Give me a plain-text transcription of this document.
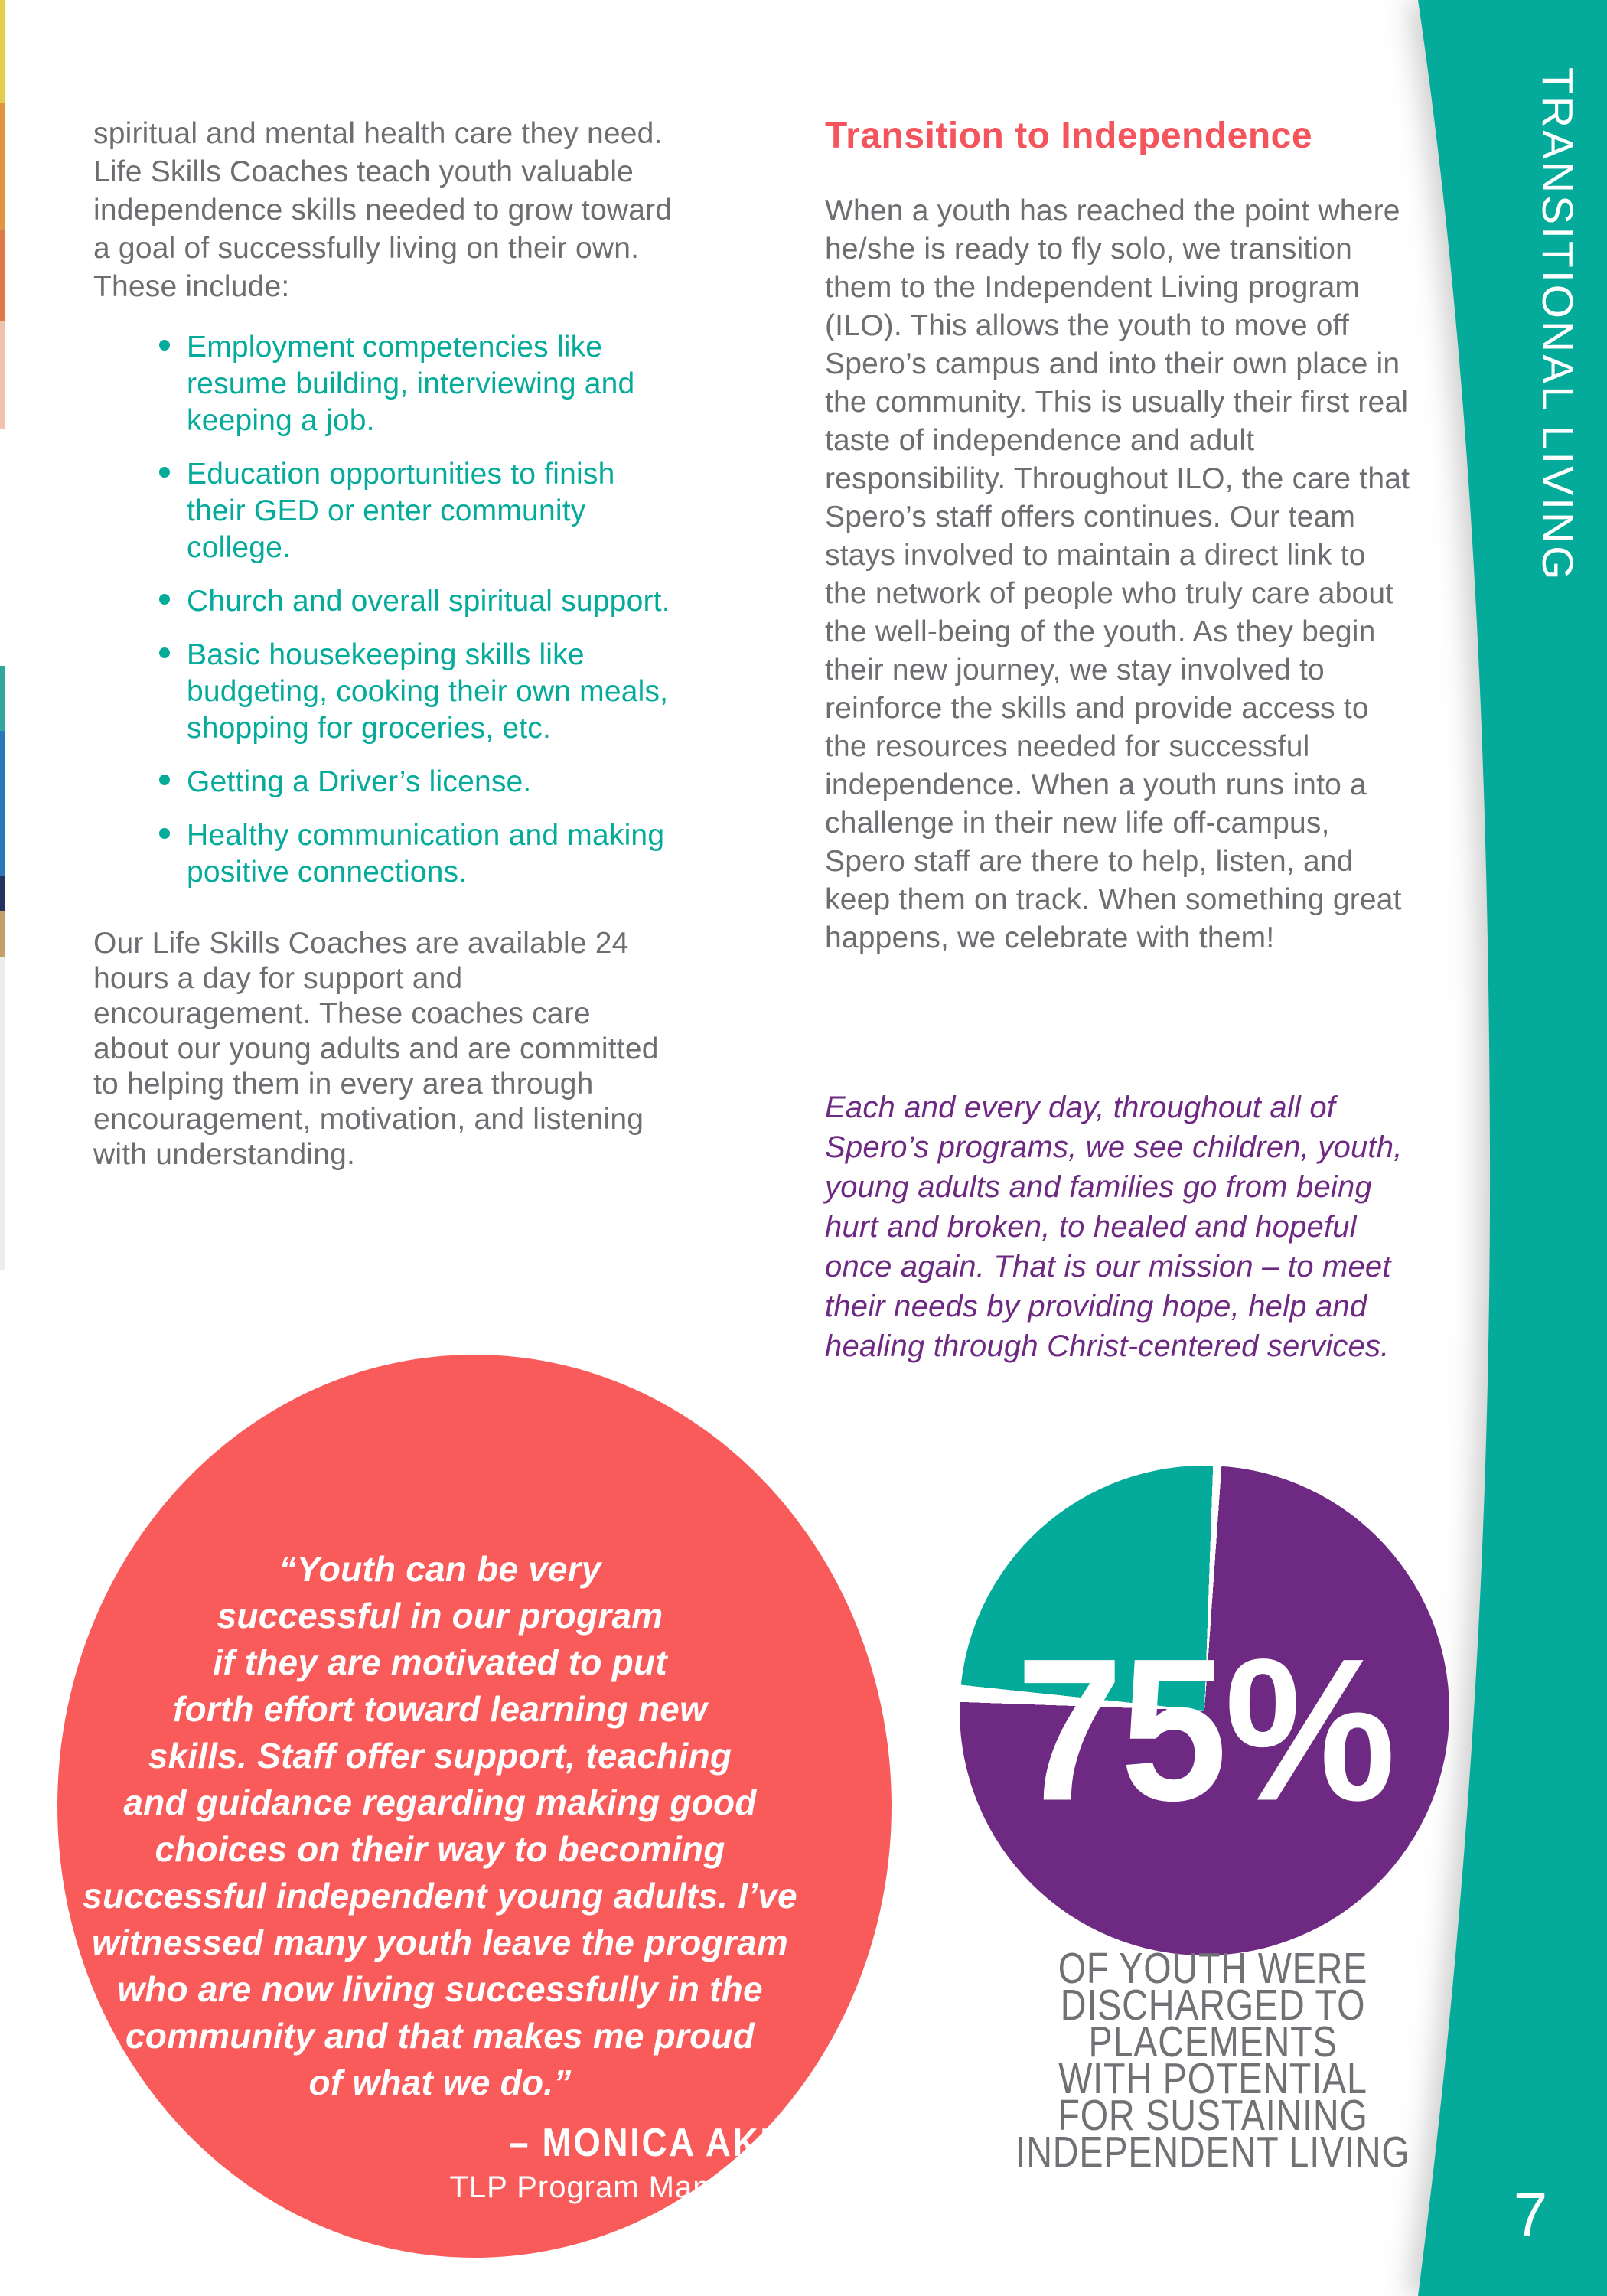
TRANSITIONAL LIVING
7

spiritual and mental health care they need. Life Skills Coaches teach youth valuable independence skills needed to grow toward a goal of successfully living on their own. These include:

Employment competencies like resume building, interviewing and keeping a job.
Education opportunities to finish their GED or enter community college.
Church and overall spiritual support.
Basic housekeeping skills like budgeting, cooking their own meals, shopping for groceries, etc.
Getting a Driver’s license.
Healthy communication and making positive connections.

Our Life Skills Coaches are available 24 hours a day for support and encouragement. These coaches care about our young adults and are committed to helping them in every area through encouragement, motivation, and listening with understanding.

Transition to Independence

When a youth has reached the point where he/she is ready to fly solo, we transition them to the Independent Living program (ILO). This allows the youth to move off Spero’s campus and into their own place in the community. This is usually their first real taste of independence and adult responsibility. Throughout ILO, the care that Spero’s staff offers continues. Our team stays involved to maintain a direct link to the network of people who truly care about the well-being of the youth. As they begin their new journey, we stay involved to reinforce the skills and provide access to the resources needed for successful independence. When a youth runs into a challenge in their new life off-campus, Spero staff are there to help, listen, and keep them on track. When something great happens, we celebrate with them!

Each and every day, throughout all of Spero’s programs, we see children, youth, young adults and families go from being hurt and broken, to healed and hopeful once again. That is our mission – to meet their needs by providing hope, help and healing through Christ-centered services.

“Youth can be very
successful in our program
if they are motivated to put
forth effort toward learning new
skills. Staff offer support, teaching
and guidance regarding making good
choices on their way to becoming
successful independent young adults. I’ve
witnessed many youth leave the program
who are now living successfully in the
community and that makes me proud
of what we do.”
– MONICA AKES,
TLP Program Manager
75%
OF YOUTH WERE
DISCHARGED TO
PLACEMENTS
WITH POTENTIAL
FOR SUSTAINING
INDEPENDENT LIVING
